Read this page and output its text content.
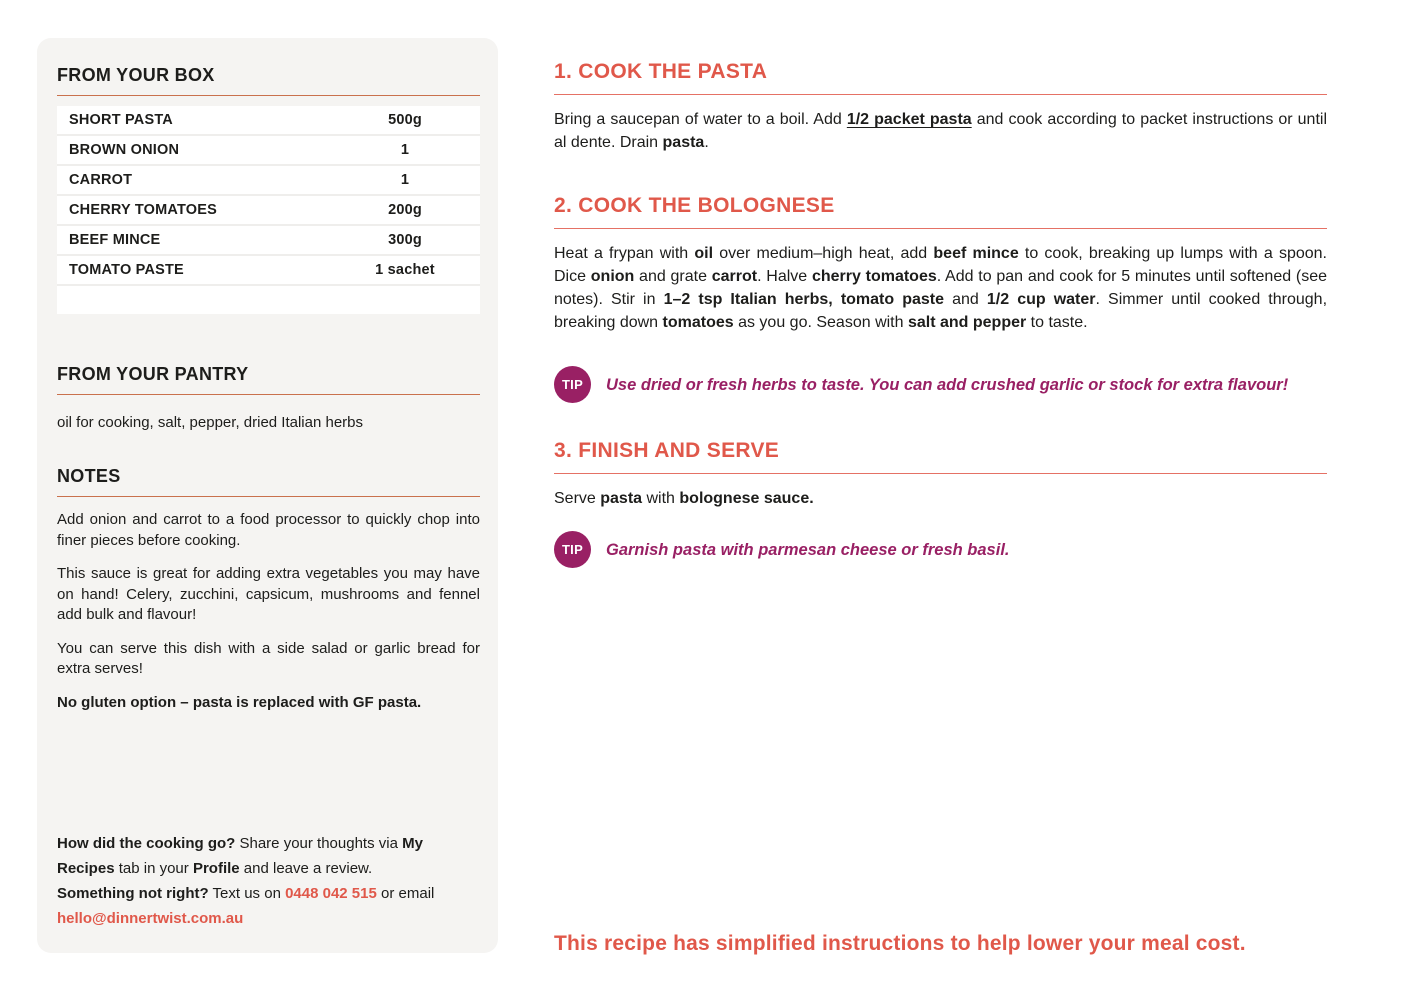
FROM YOUR BOX
SHORT PASTA	500g
BROWN ONION	1
CARROT	1
CHERRY TOMATOES	200g
BEEF MINCE	300g
TOMATO PASTE	1 sachet
FROM YOUR PANTRY
oil for cooking, salt, pepper, dried Italian herbs
NOTES

Add onion and carrot to a food processor to quickly chop into finer pieces before cooking.

This sauce is great for adding extra vegetables you may have on hand! Celery, zucchini, capsicum, mushrooms and fennel add bulk and flavour!

You can serve this dish with a side salad or garlic bread for extra serves!

No gluten option – pasta is replaced with GF pasta.

How did the cooking go? Share your thoughts via My Recipes tab in your Profile and leave a review.

Something not right? Text us on 0448 042 515 or email hello@dinnertwist.com.au

1. COOK THE PASTA

Bring a saucepan of water to a boil. Add 1/2 packet pasta and cook according to packet instructions or until al dente. Drain pasta.

2. COOK THE BOLOGNESE

Heat a frypan with oil over medium–high heat, add beef mince to cook, breaking up lumps with a spoon. Dice onion and grate carrot. Halve cherry tomatoes. Add to pan and cook for 5 minutes until softened (see notes). Stir in 1–2 tsp Italian herbs, tomato paste and 1/2 cup water. Simmer until cooked through, breaking down tomatoes as you go. Season with salt and pepper to taste.

TIP	Use dried or fresh herbs to taste. You can add crushed garlic or stock for extra flavour!
3. FINISH AND SERVE

Serve pasta with bolognese sauce.

TIP	Garnish pasta with parmesan cheese or fresh basil.
This recipe has simplified instructions to help lower your meal cost.
